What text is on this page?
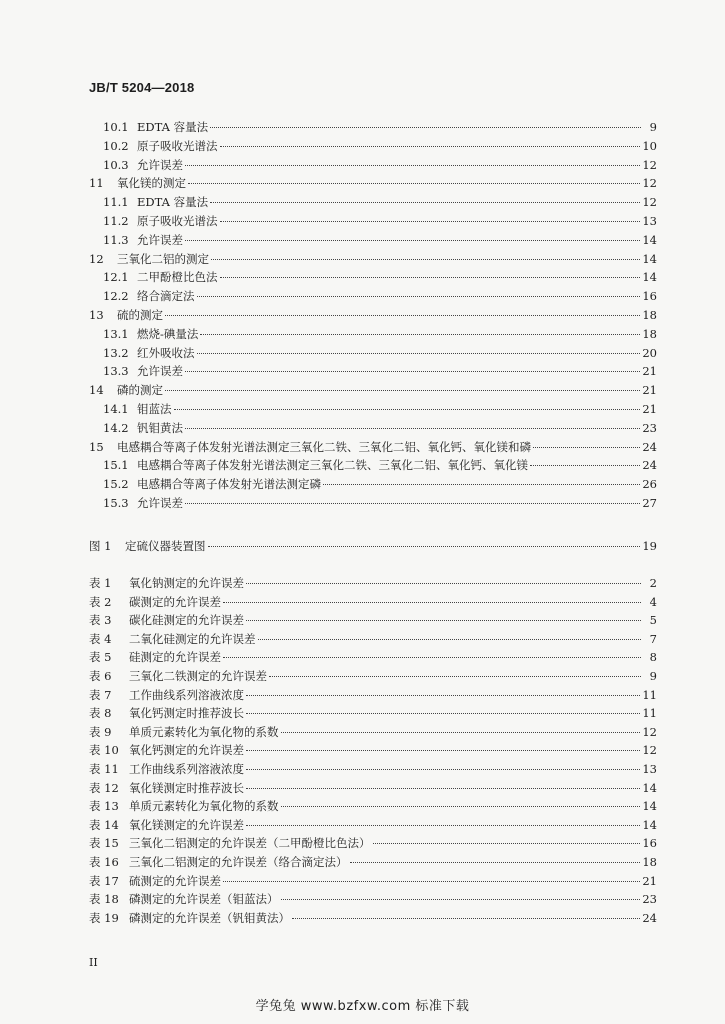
JB/T 5204—2018
10.1 EDTA 容量法	9
10.2 原子吸收光谱法	10
10.3 允许误差	12
11	氧化镁的测定	12
11.1 EDTA 容量法	12
11.2 原子吸收光谱法	13
11.3 允许误差	14
12	三氧化二铝的测定	14
12.1 二甲酚橙比色法	14
12.2 络合滴定法	16
13	硫的测定	18
13.1 燃烧-碘量法	18
13.2 红外吸收法	20
13.3 允许误差	21
14	磷的测定	21
14.1 钼蓝法	21
14.2 钒钼黄法	23
15	电感耦合等离子体发射光谱法测定三氧化二铁、三氧化二铝、氧化钙、氧化镁和磷	24
15.1 电感耦合等离子体发射光谱法测定三氧化二铁、三氧化二铝、氧化钙、氧化镁	24
15.2 电感耦合等离子体发射光谱法测定磷	26
15.3 允许误差	27
图 1	定硫仪器装置图	19
表 1	氧化钠测定的允许误差	2
表 2	碳测定的允许误差	4
表 3	碳化硅测定的允许误差	5
表 4	二氧化硅测定的允许误差	7
表 5	硅测定的允许误差	8
表 6	三氧化二铁测定的允许误差	9
表 7	工作曲线系列溶液浓度	11
表 8	氧化钙测定时推荐波长	11
表 9	单质元素转化为氧化物的系数	12
表 10 氧化钙测定的允许误差	12
表 11 工作曲线系列溶液浓度	13
表 12 氧化镁测定时推荐波长	14
表 13 单质元素转化为氧化物的系数	14
表 14 氧化镁测定的允许误差	14
表 15 三氧化二铝测定的允许误差（二甲酚橙比色法）	16
表 16 三氧化二铝测定的允许误差（络合滴定法）	18
表 17 硫测定的允许误差	21
表 18 磷测定的允许误差（钼蓝法）	23
表 19 磷测定的允许误差（钒钼黄法）	24
II
学兔兔 www.bzfxw.com 标准下载
